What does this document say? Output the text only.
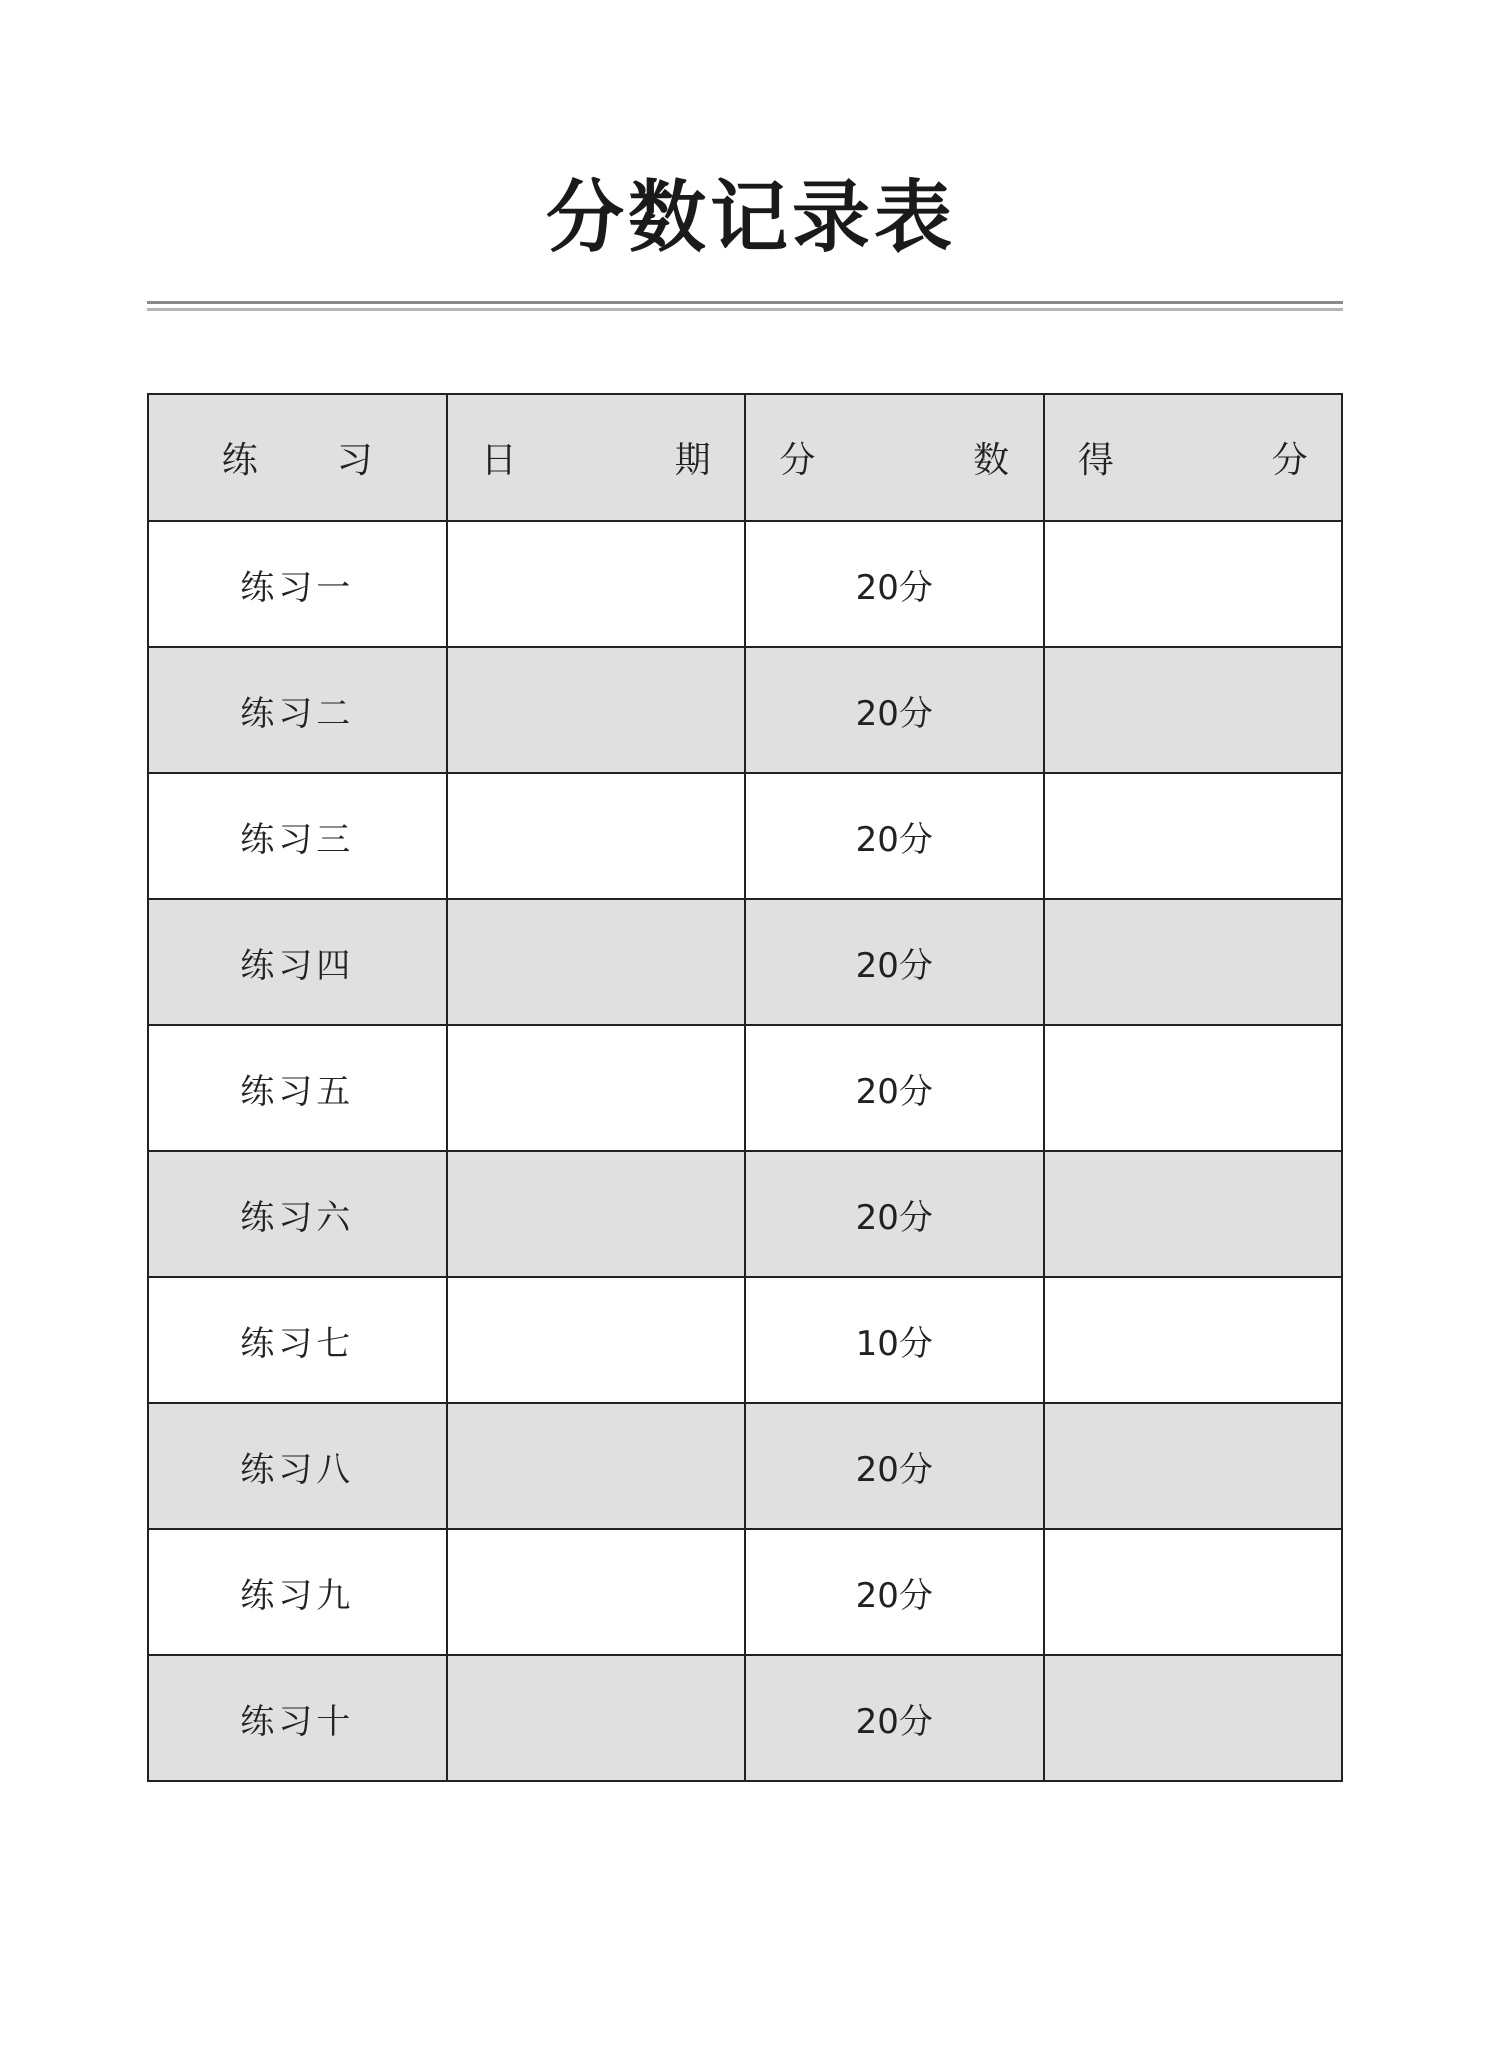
分数记录表
练  习	日    期	分    数	得    分
练习一		20分	
练习二		20分	
练习三		20分	
练习四		20分	
练习五		20分	
练习六		20分	
练习七		10分	
练习八		20分	
练习九		20分	
练习十		20分	
